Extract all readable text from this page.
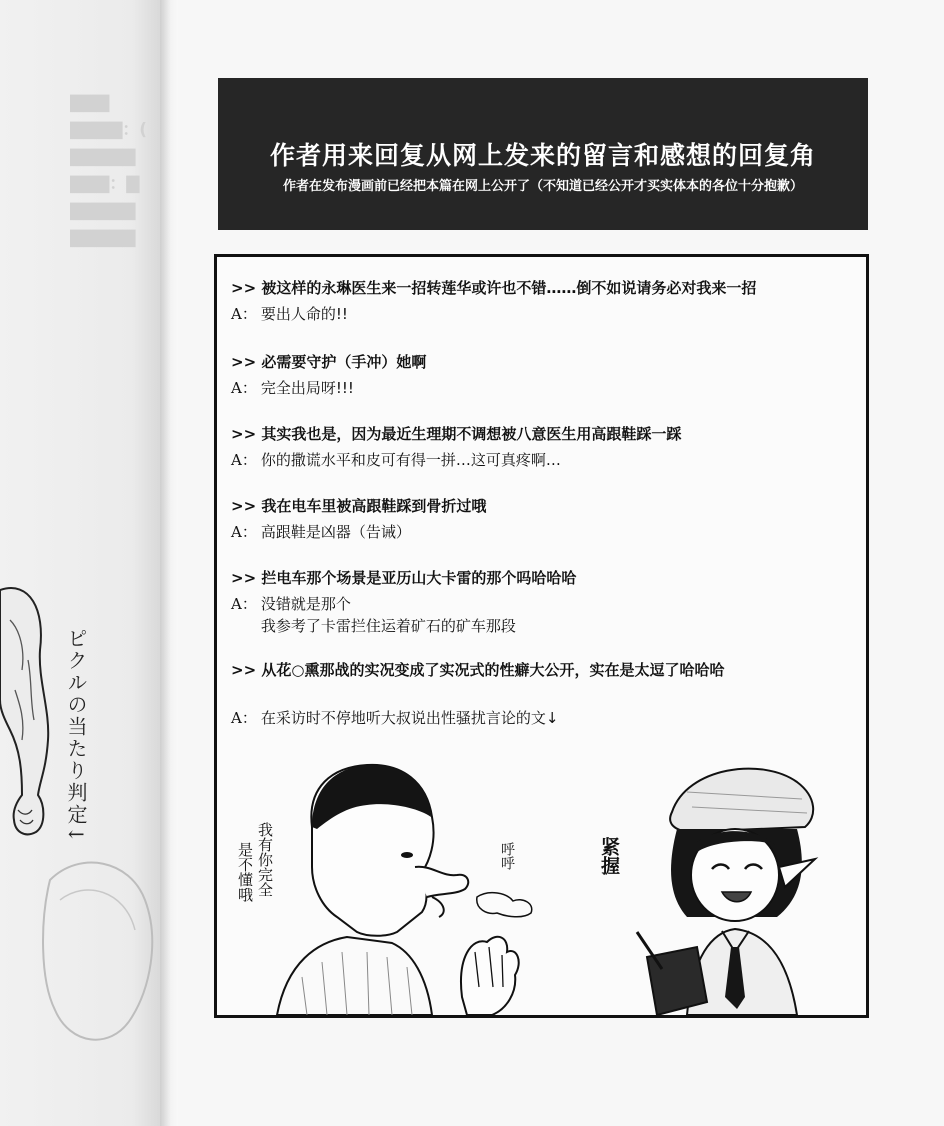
▇▇▇
▇▇▇▇：(
▇▇▇▇▇
▇▇▇：▇
▇▇▇▇▇
▇▇▇▇▇
ピクルの当たり判定↓
作者用来回复从网上发来的留言和感想的回复角
作者在发布漫画前已经把本篇在网上公开了（不知道已经公开才买实体本的各位十分抱歉）
>> 被这样的永琳医生来一招转莲华或许也不错……倒不如说请务必对我来一招
A： 要出人命的!!
>> 必需要守护（手冲）她啊
A： 完全出局呀!!!
>> 其实我也是，因为最近生理期不调想被八意医生用高跟鞋踩一踩
A： 你的撒谎水平和皮可有得一拼…这可真疼啊…
>> 我在电车里被高跟鞋踩到骨折过哦
A： 高跟鞋是凶器（告诫）
>> 拦电车那个场景是亚历山大卡雷的那个吗哈哈哈
A： 没错就是那个
我参考了卡雷拦住运着矿石的矿车那段
>> 从花○熏那战的实况变成了实况式的性癖大公开，实在是太逗了哈哈哈
A： 在采访时不停地听大叔说出性骚扰言论的文↓
我有你完全
是不懂哦	呼呼	紧握
